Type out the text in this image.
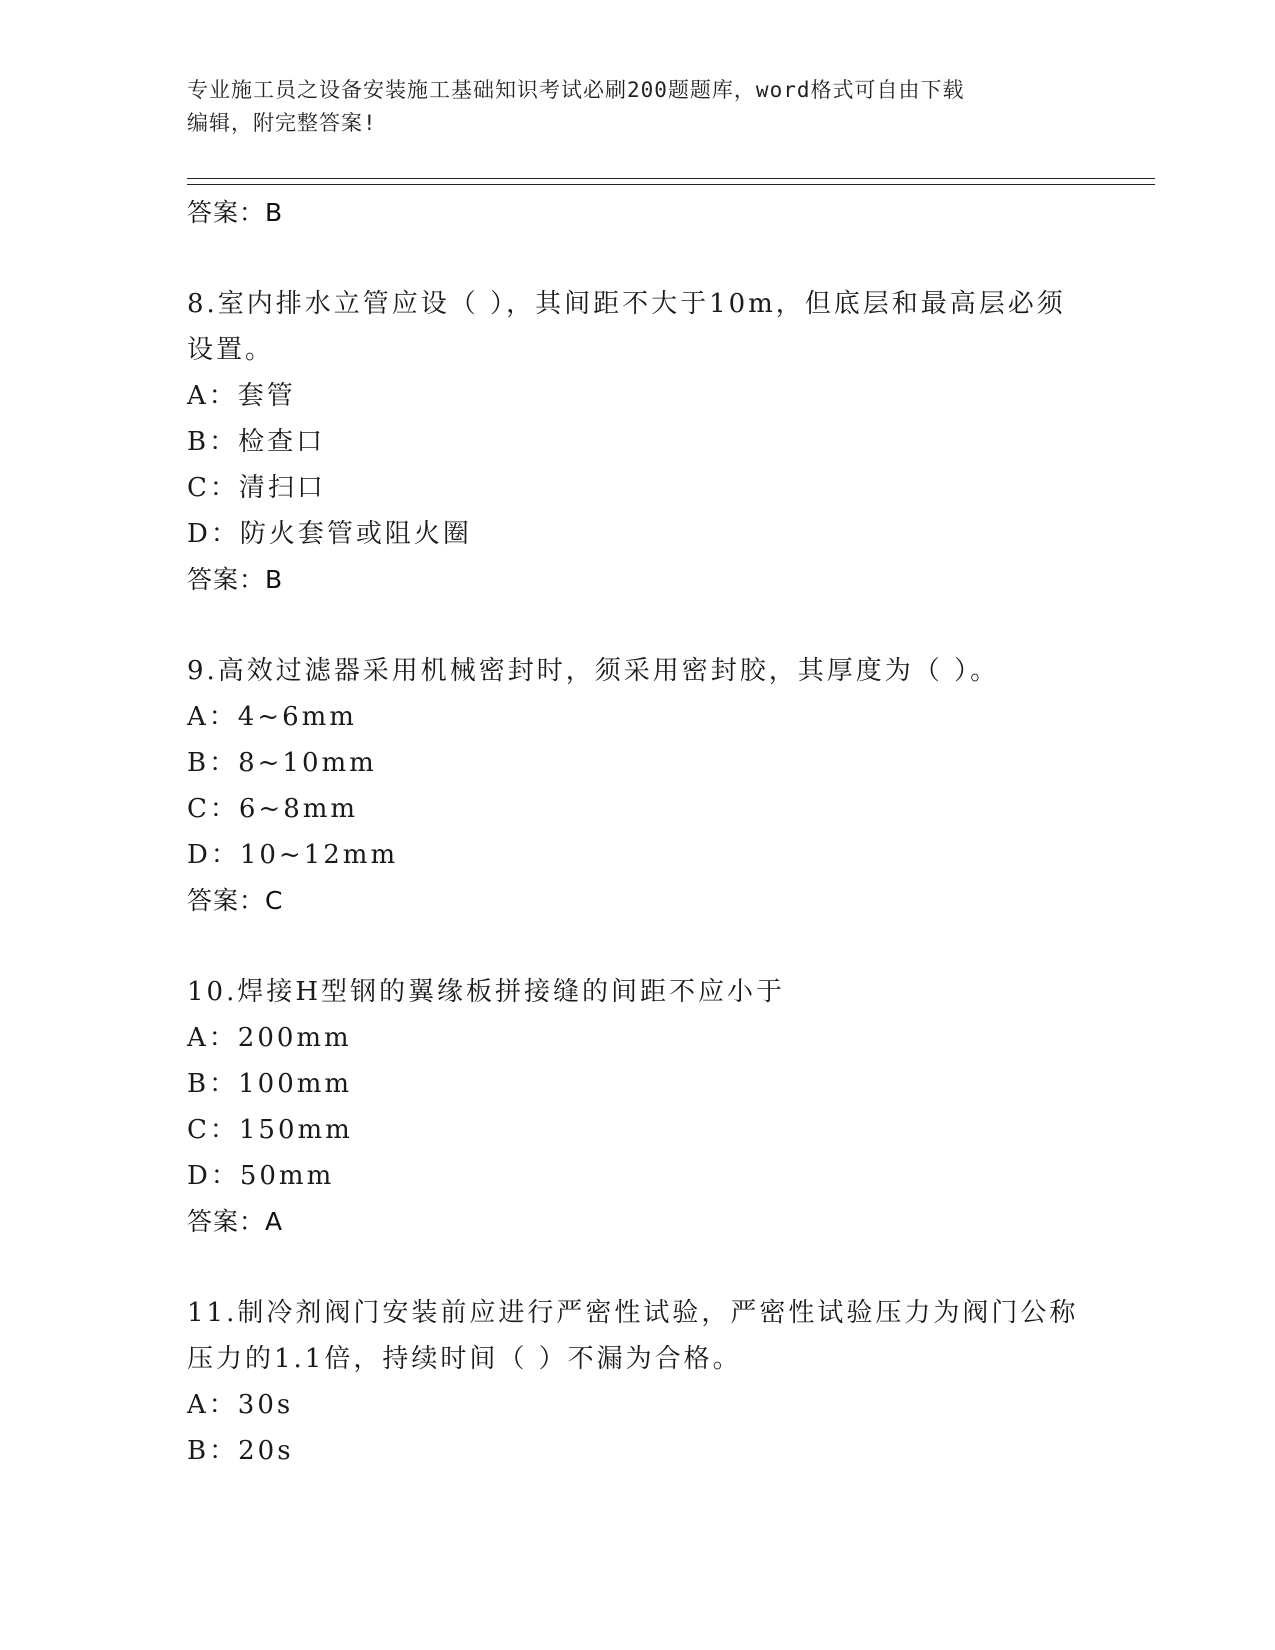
专业施工员之设备安装施工基础知识考试必刷200题题库，word格式可自由下载
编辑，附完整答案!
答案：B
8.室内排水立管应设（ ），其间距不大于10m，但底层和最高层必须
设置。
A：套管
B：检查口
C：清扫口
D：防火套管或阻火圈
答案：B
9.高效过滤器采用机械密封时，须采用密封胶，其厚度为（ ）。
A：4~6mm
B：8~10mm
C：6~8mm
D：10~12mm
答案：C
10.焊接H型钢的翼缘板拼接缝的间距不应小于
A：200mm
B：100mm
C：150mm
D：50mm
答案：A
11.制冷剂阀门安装前应进行严密性试验，严密性试验压力为阀门公称
压力的1.1倍，持续时间（ ）不漏为合格。
A：30s
B：20s
